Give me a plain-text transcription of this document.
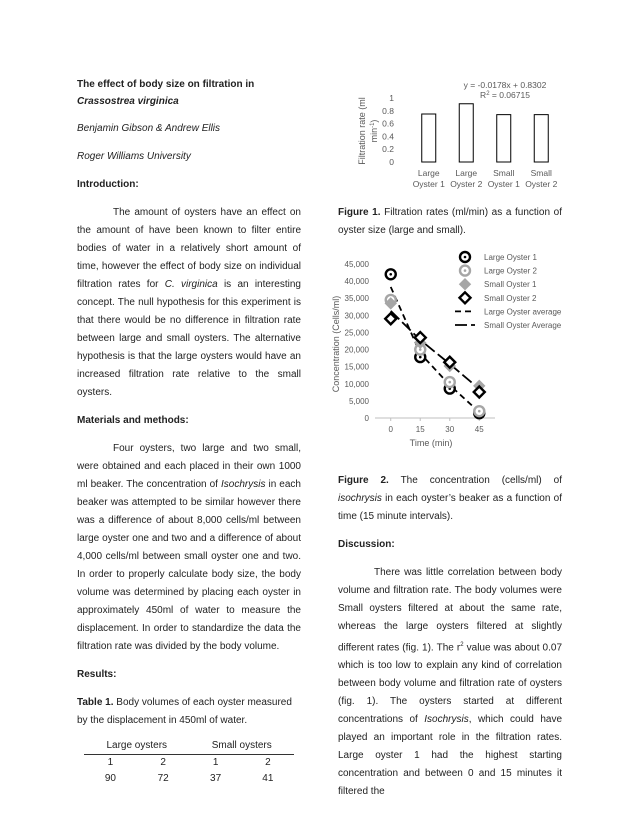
The effect of body size on filtration in Crassostrea virginica

Benjamin Gibson & Andrew Ellis

Roger Williams University

Introduction:

The amount of oysters have an effect on the amount of have been known to filter entire bodies of water in a relatively short amount of time, however the effect of body size on individual filtration rates for C. virginica is an interesting concept. The null hypothesis for this experiment is that there would be no difference in filtration rate between large and small oysters. The alternative hypothesis is that the large oysters would have an increased filtration rate relative to the small oysters.

Materials and methods:

Four oysters, two large and two small, were obtained and each placed in their own 1000 ml beaker. The concentration of Isochrysis in each beaker was attempted to be similar however there was a difference of about 8,000 cells/ml between large oyster one and two and a difference of about 4,000 cells/ml between small oyster one and two. In order to properly calculate body size, the body volume was determined by placing each oyster in approximately 450ml of water to measure the displacement. In order to standardize the data the filtration rate was divided by the body volume.

Results:

Table 1. Body volumes of each oyster measured by the displacement in 450ml of water.

Large oysters		Small oysters	
1	2	1	2
90	72	37	41
Filtration rate (ml $\min^{-1}$)
0
0.2
0.4
0.6
0.8
1
Large
Oyster 1
Large
Oyster 2
Small
Oyster 1
Small
Oyster 2
y = -0.0178x + 0.8302
$R^2 = 0.06715$

Figure 1. Filtration rates (ml/min) as a function of oyster size (large and small).

Concentration (Cells/ml)
Time (min)
0
5,000
10,000
15,000
20,000
25,000
30,000
35,000
40,000
45,000
0	15	30	45
Large Oyster 1
Large Oyster 2
Small Oyster 1
Small Oyster 2
Large Oyster average
Small Oyster Average

Figure 2. The concentration (cells/ml) of isochrysis in each oyster’s beaker as a function of time (15 minute intervals).

Discussion:

There was little correlation between body volume and filtration rate. The body volumes were Small oysters filtered at about the same rate, whereas the large oysters filtered at slightly different rates (fig. 1). The $r^2$ value was about 0.07 which is too low to explain any kind of correlation between body volume and filtration rate of oysters (fig. 1). The oysters started at different concentrations of Isochrysis, which could have played an important role in the filtration rates. Large oyster 1 had the highest starting concentration and between 0 and 15 minutes it filtered the
